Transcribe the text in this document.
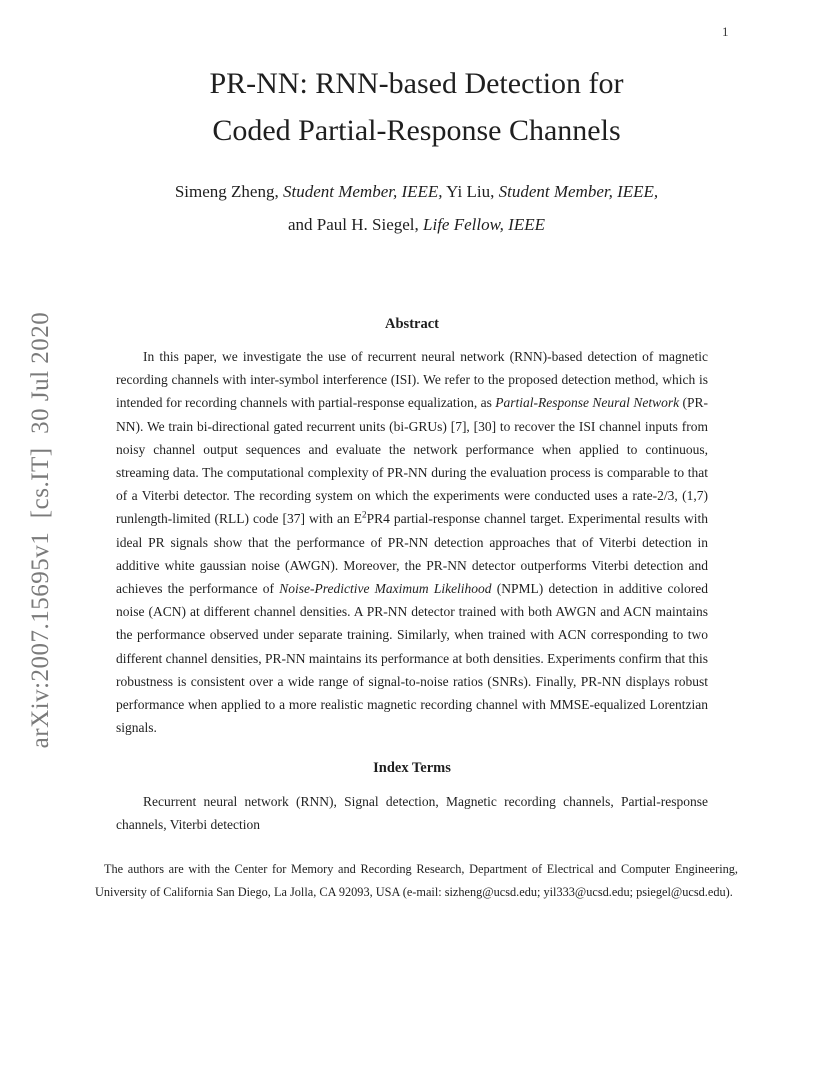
1
arXiv:2007.15695v1  [cs.IT]  30 Jul 2020
PR-NN: RNN-based Detection for
Coded Partial-Response Channels
Simeng Zheng, Student Member, IEEE, Yi Liu, Student Member, IEEE,
and Paul H. Siegel, Life Fellow, IEEE
Abstract

In this paper, we investigate the use of recurrent neural network (RNN)-based detection of magnetic recording channels with inter-symbol interference (ISI). We refer to the proposed detection method, which is intended for recording channels with partial-response equalization, as Partial-Response Neural Network (PR-NN). We train bi-directional gated recurrent units (bi-GRUs) [7], [30] to recover the ISI channel inputs from noisy channel output sequences and evaluate the network performance when applied to continuous, streaming data. The computational complexity of PR-NN during the evaluation process is comparable to that of a Viterbi detector. The recording system on which the experiments were conducted uses a rate-2/3, (1,7) runlength-limited (RLL) code [37] with an $E^2PR4$ partial-response channel target. Experimental results with ideal PR signals show that the performance of PR-NN detection approaches that of Viterbi detection in additive white gaussian noise (AWGN). Moreover, the PR-NN detector outperforms Viterbi detection and achieves the performance of Noise-Predictive Maximum Likelihood (NPML) detection in additive colored noise (ACN) at different channel densities. A PR-NN detector trained with both AWGN and ACN maintains the performance observed under separate training. Similarly, when trained with ACN corresponding to two different channel densities, PR-NN maintains its performance at both densities. Experiments confirm that this robustness is consistent over a wide range of signal-to-noise ratios (SNRs). Finally, PR-NN displays robust performance when applied to a more realistic magnetic recording channel with MMSE-equalized Lorentzian signals.

Index Terms

Recurrent neural network (RNN), Signal detection, Magnetic recording channels, Partial-response channels, Viterbi detection

The authors are with the Center for Memory and Recording Research, Department of Electrical and Computer Engineering, University of California San Diego, La Jolla, CA 92093, USA (e-mail: sizheng@ucsd.edu; yil333@ucsd.edu; psiegel@ucsd.edu).
